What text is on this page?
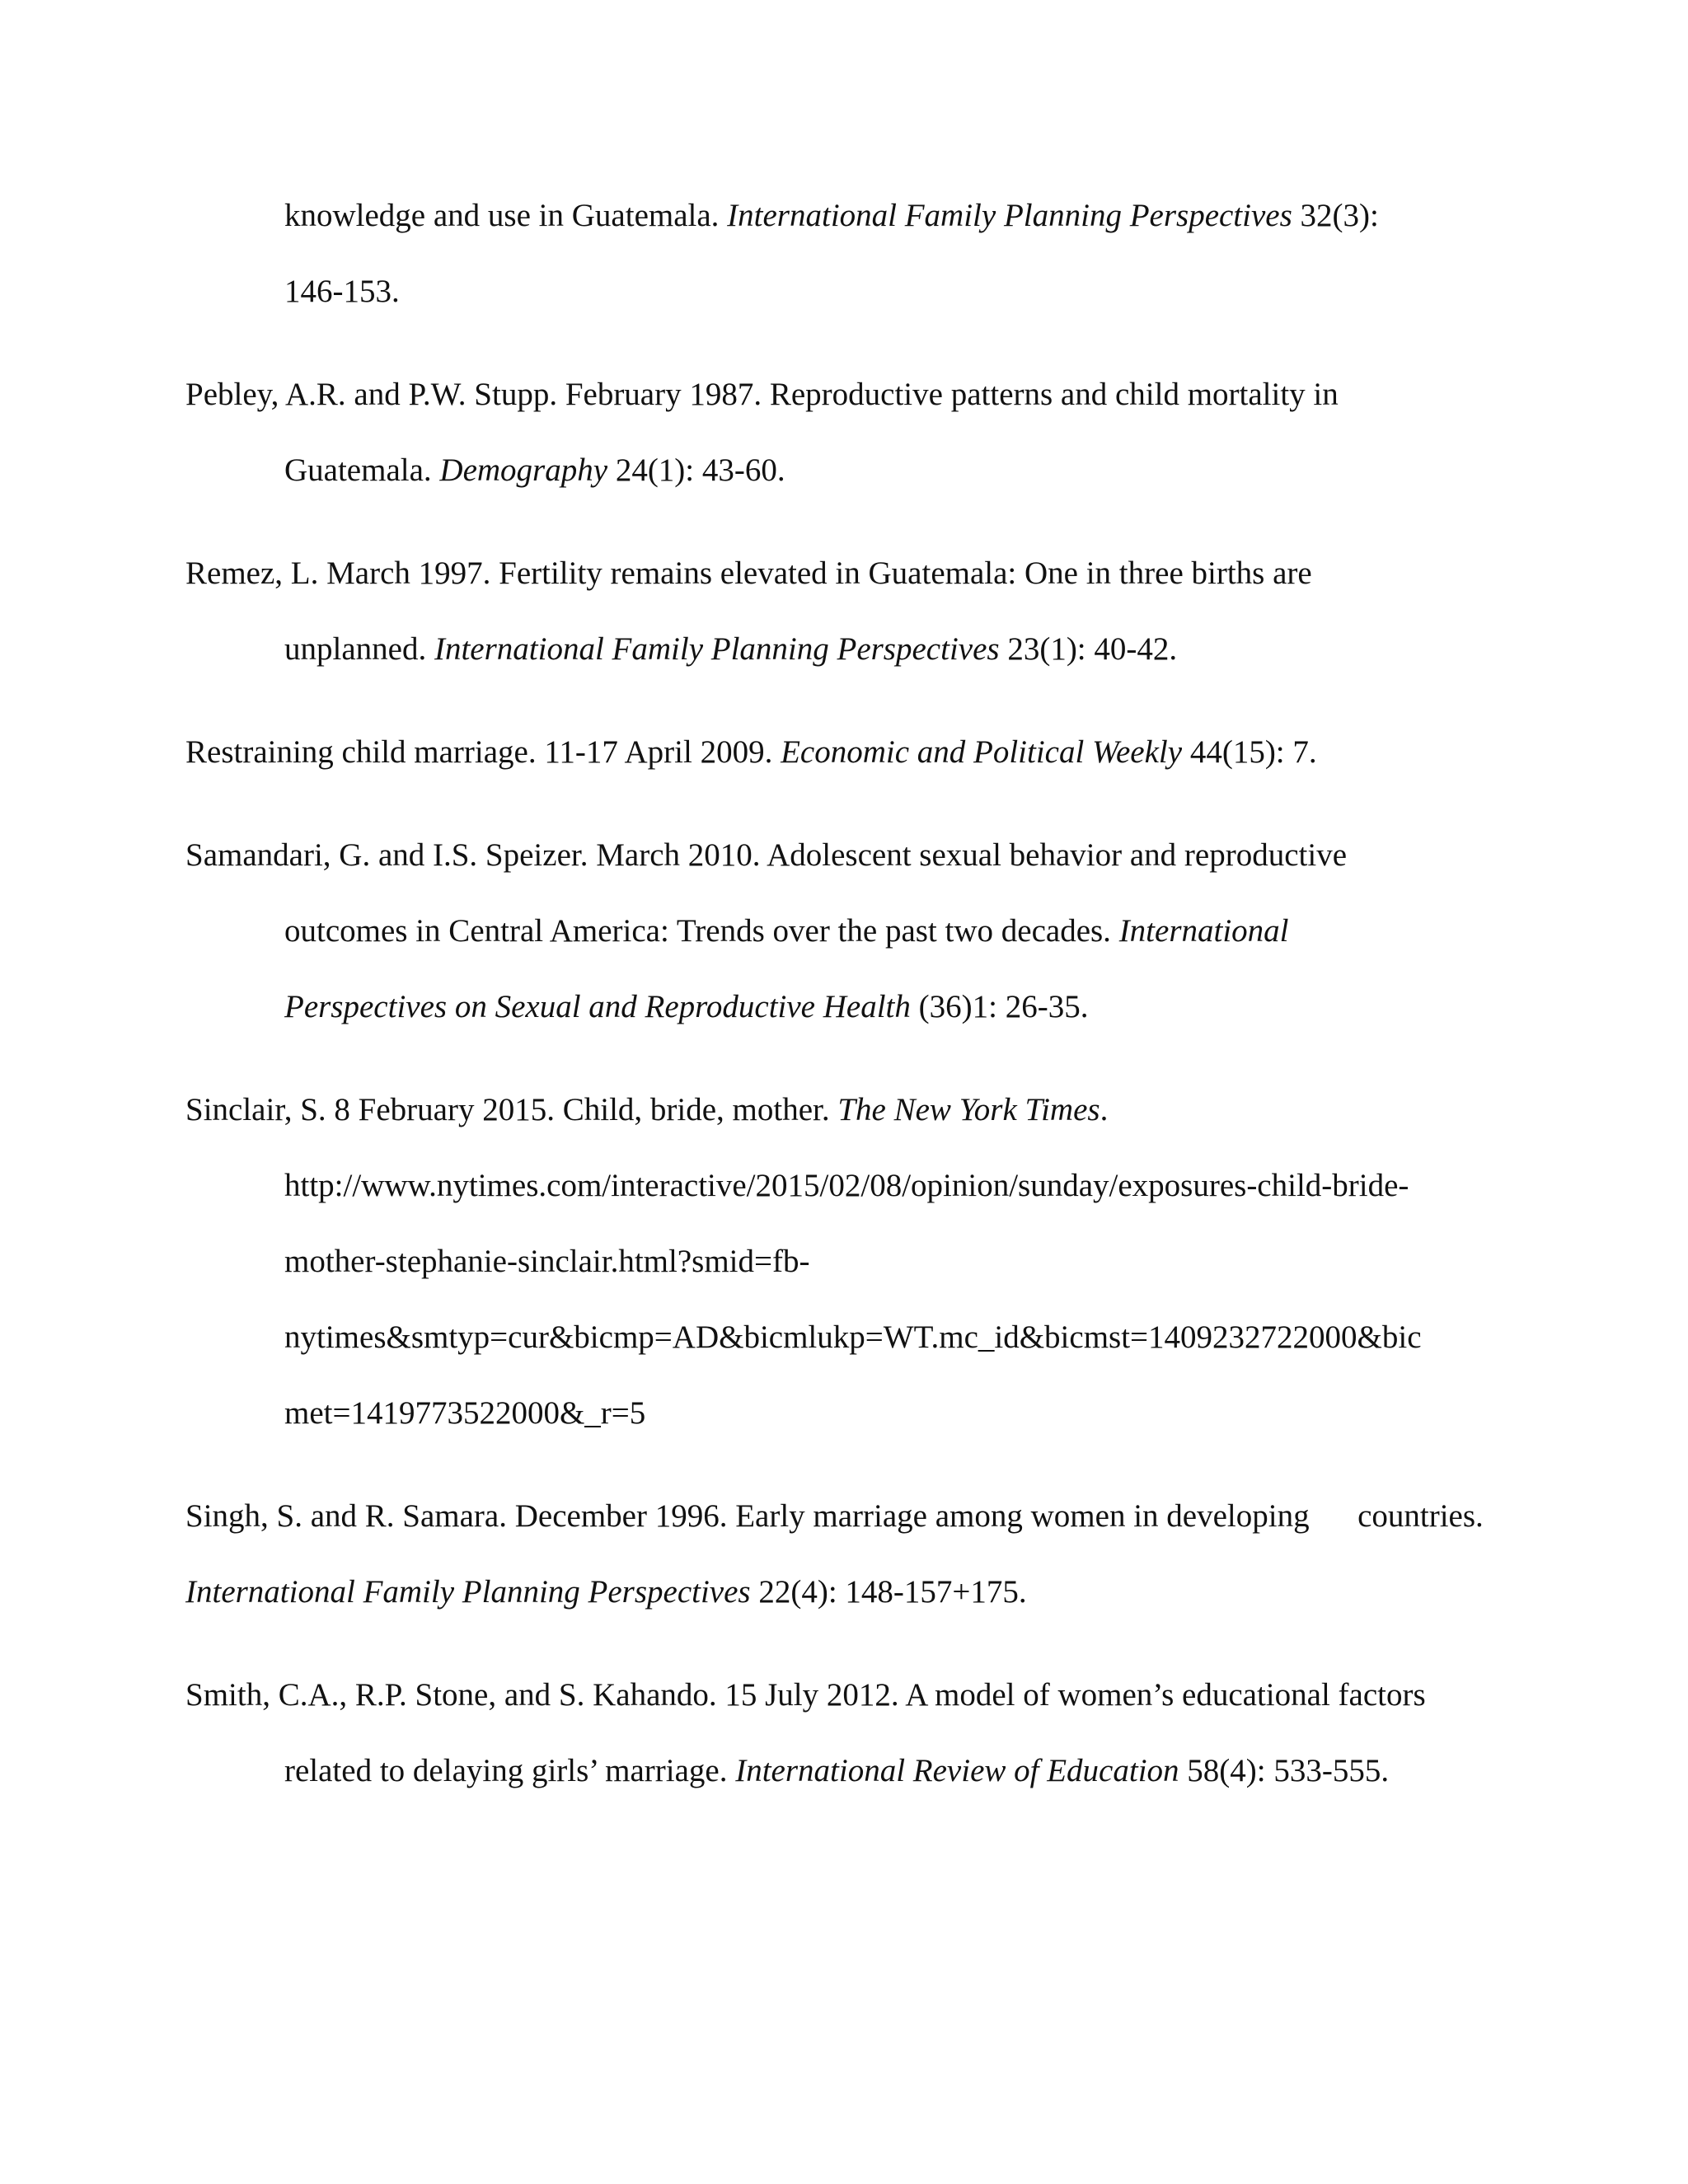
knowledge and use in Guatemala. International Family Planning Perspectives 32(3):
146-153.
Pebley, A.R. and P.W. Stupp. February 1987. Reproductive patterns and child mortality in
Guatemala. Demography 24(1): 43-60.
Remez, L. March 1997. Fertility remains elevated in Guatemala: One in three births are
unplanned. International Family Planning Perspectives 23(1): 40-42.
Restraining child marriage. 11-17 April 2009. Economic and Political Weekly 44(15): 7.
Samandari, G. and I.S. Speizer. March 2010. Adolescent sexual behavior and reproductive
outcomes in Central America: Trends over the past two decades. International
Perspectives on Sexual and Reproductive Health (36)1: 26-35.
Sinclair, S. 8 February 2015. Child, bride, mother. The New York Times.
http://www.nytimes.com/interactive/2015/02/08/opinion/sunday/exposures-child-bride-
mother-stephanie-sinclair.html?smid=fb-
nytimes&smtyp=cur&bicmp=AD&bicmlukp=WT.mc_id&bicmst=1409232722000&bic
met=1419773522000&_r=5
Singh, S. and R. Samara. December 1996. Early marriage among women in developing      countries.
International Family Planning Perspectives 22(4): 148-157+175.
Smith, C.A., R.P. Stone, and S. Kahando. 15 July 2012. A model of women’s educational factors
related to delaying girls’ marriage. International Review of Education 58(4): 533-555.
